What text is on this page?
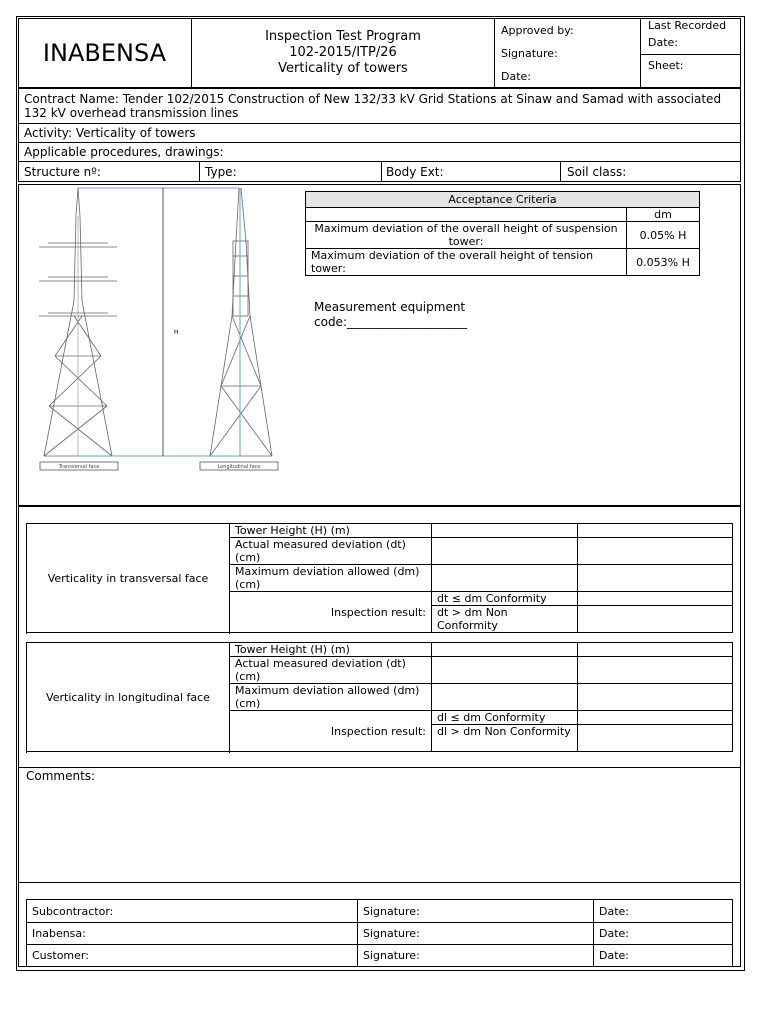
INABENSA
Inspection Test Program
102-2015/ITP/26
Verticality of towers
Approved by:
Signature:
Date:
Last Recorded
Date:
Sheet:
Contract Name: Tender 102/2015 Construction of New 132/33 kV Grid Stations at Sinaw and Samad with associated 132 kV overhead transmission lines
Activity: Verticality of towers
Applicable procedures, drawings:
Structure nº:	Type:	Body Ext:	Soil class:
H
Transversal face	Longitudinal face
Acceptance Criteria	
	dm
Maximum deviation of the overall height of suspension tower:	0.05% H
Maximum deviation of the overall height of tension tower:	0.053% H
Measurement equipment
code:____________________
Verticality in transversal face	Tower Height (H) (m)		
	Actual measured deviation (dt) (cm)		
	Maximum deviation allowed (dm) (cm)		
	Inspection result:	dt ≤ dm Conformity	
		dt > dm Non Conformity	

Verticality in longitudinal face	Tower Height (H) (m)		
	Actual measured deviation (dt) (cm)		
	Maximum deviation allowed (dm) (cm)		
	Inspection result:	dl ≤ dm Conformity	
		dl > dm Non Conformity	

Comments:
Subcontractor:	Signature:	Date:
Inabensa:	Signature:	Date:
Customer:	Signature:	Date:
